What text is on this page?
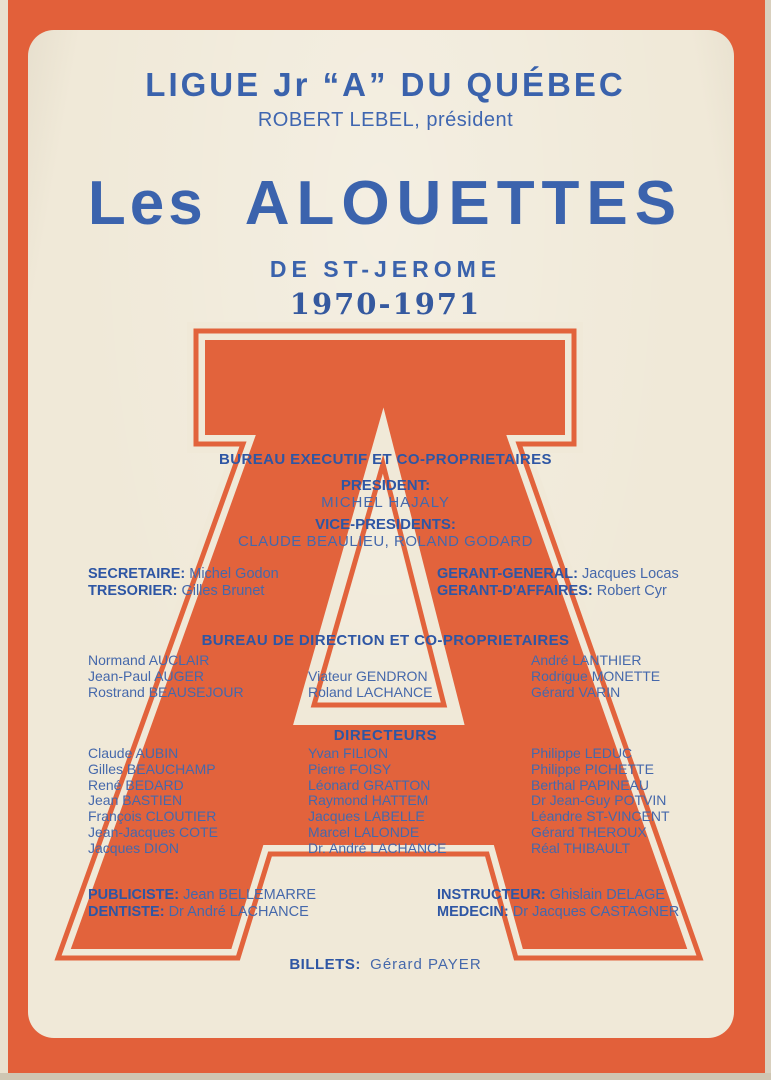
LIGUE Jr “A” DU QUÉBEC
ROBERT LEBEL, président
Les ALOUETTES
DE ST-JEROME
1970-1971
BUREAU EXECUTIF ET CO-PROPRIETAIRES
PRESIDENT:
MICHEL HAJALY
VICE-PRESIDENTS:
CLAUDE BEAULIEU, ROLAND GODARD
SECRETAIRE: Michel Godon
TRESORIER: Gilles Brunet
GERANT-GENERAL: Jacques Locas
GERANT-D'AFFAIRES: Robert Cyr
BUREAU DE DIRECTION ET CO-PROPRIETAIRES
Normand AUCLAIR
Jean-Paul AUGER
Rostrand BEAUSEJOUR
Viateur GENDRON
Roland LACHANCE
André LANTHIER
Rodrigue MONETTE
Gérard VARIN
DIRECTEURS
Claude AUBIN
Gilles BEAUCHAMP
René BEDARD
Jean BASTIEN
François CLOUTIER
Jean-Jacques COTE
Jacques DION
Yvan FILION
Pierre FOISY
Léonard GRATTON
Raymond HATTEM
Jacques LABELLE
Marcel LALONDE
Dr. André LACHANCE
Philippe LEDUC
Philippe PICHETTE
Berthal PAPINEAU
Dr Jean-Guy POTVIN
Léandre ST-VINCENT
Gérard THEROUX
Réal THIBAULT
PUBLICISTE: Jean BELLEMARRE
DENTISTE: Dr André LACHANCE
INSTRUCTEUR: Ghislain DELAGE
MEDECIN: Dr Jacques CASTAGNER
BILLETS: Gérard PAYER
